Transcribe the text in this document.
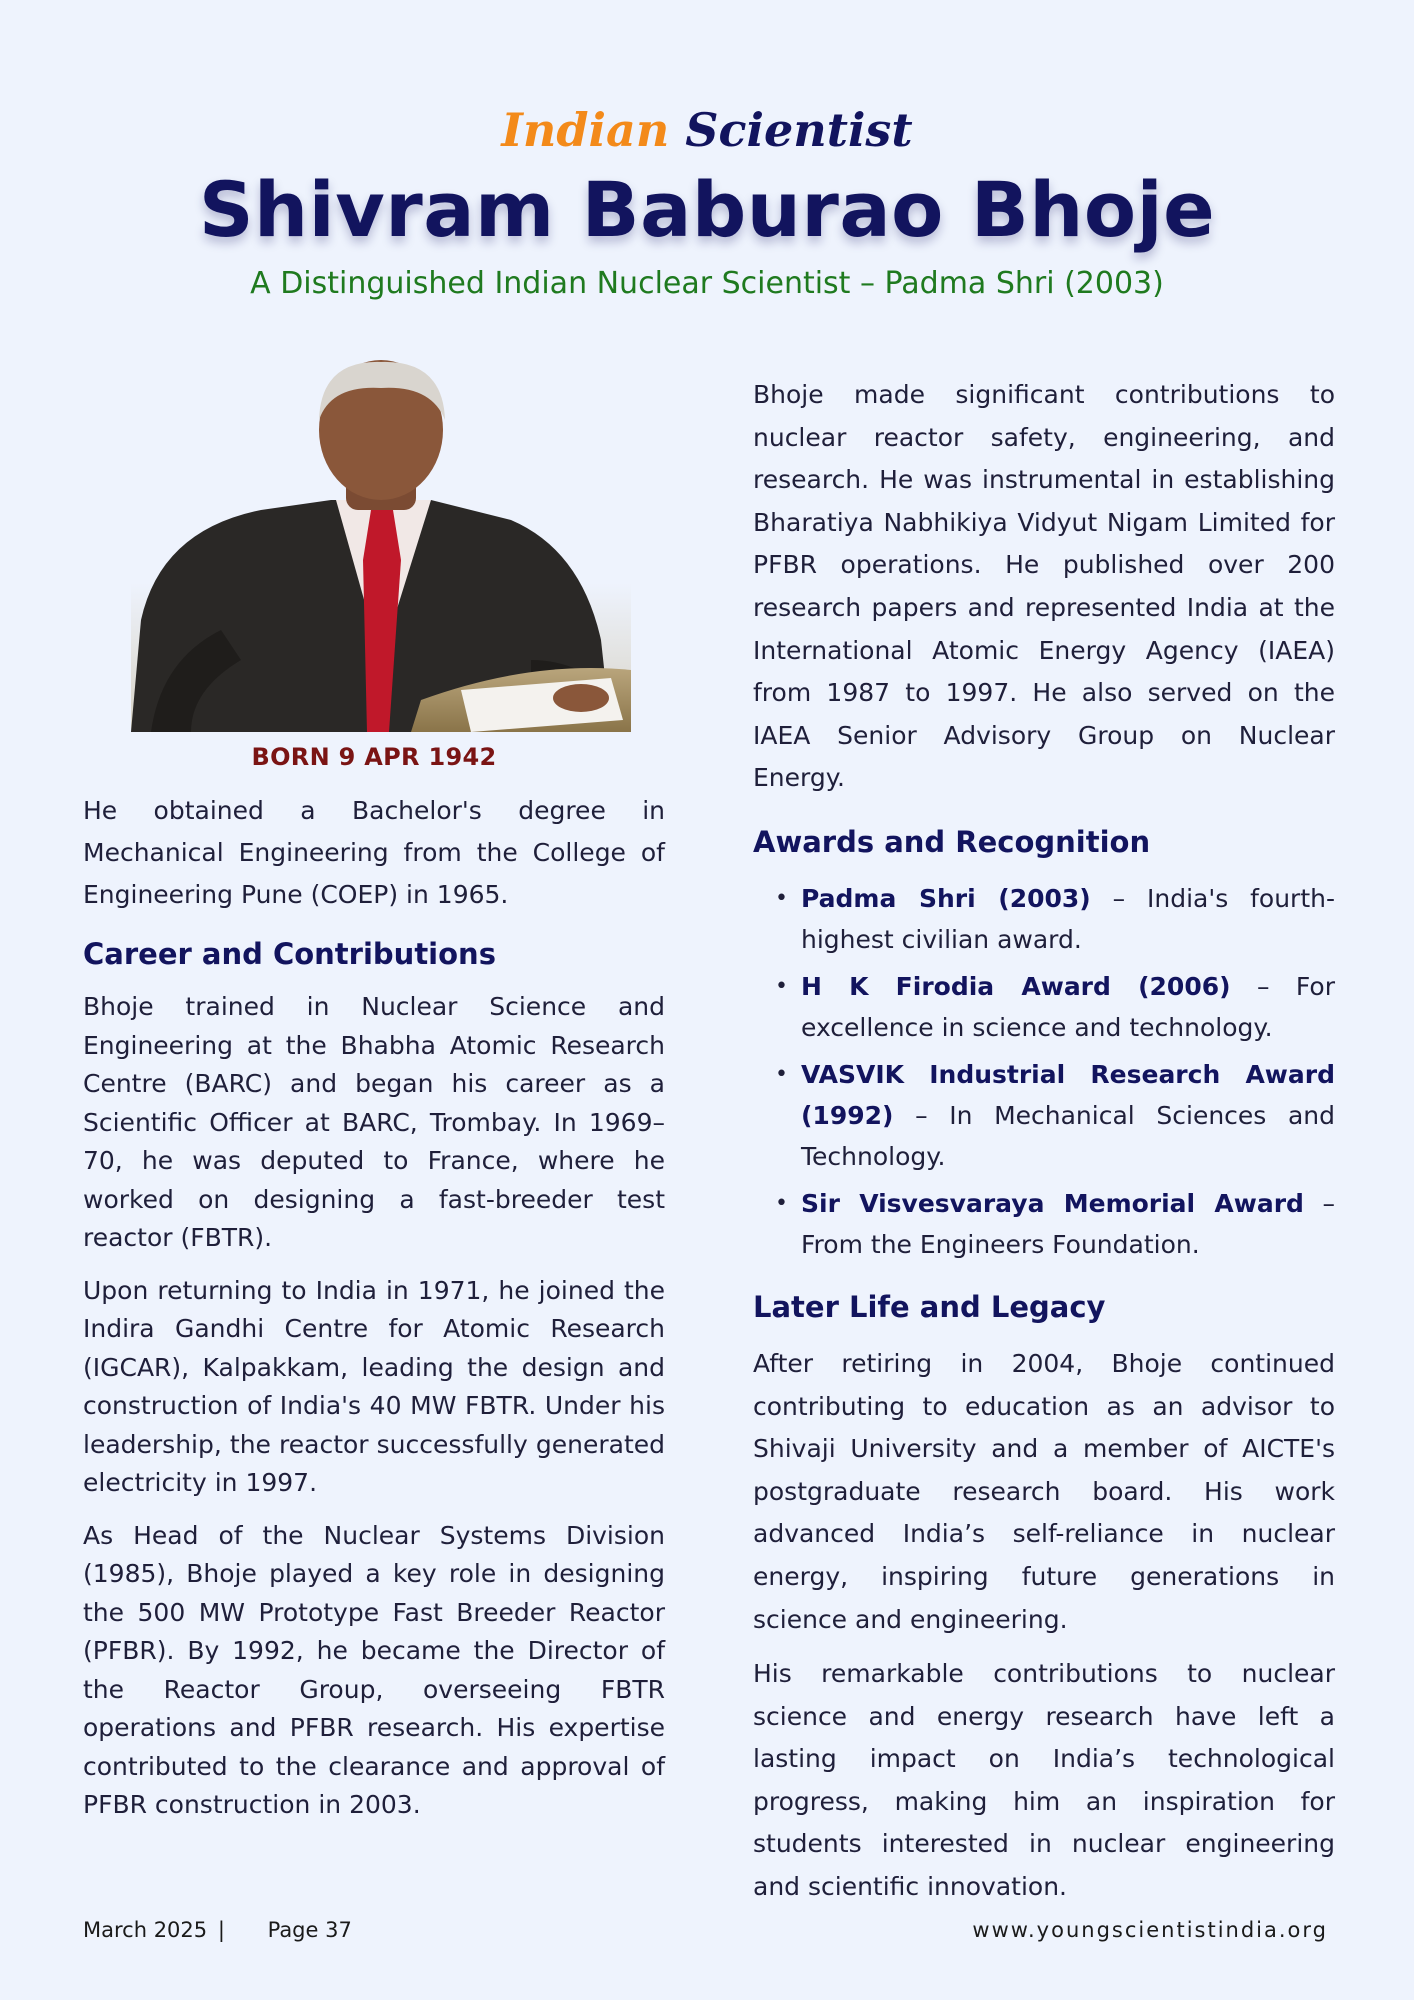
Indian Scientist
Shivram Baburao Bhoje
A Distinguished Indian Nuclear Scientist – Padma Shri (2003)
BORN 9 APR 1942

He obtained a Bachelor's degree in Mechanical Engineering from the College of Engineering Pune (COEP) in 1965.

Career and Contributions

Bhoje trained in Nuclear Science and Engineering at the Bhabha Atomic Research Centre (BARC) and began his career as a Scientific Officer at BARC, Trombay. In 1969–70, he was deputed to France, where he worked on designing a fast-breeder test reactor (FBTR).

Upon returning to India in 1971, he joined the Indira Gandhi Centre for Atomic Research (IGCAR), Kalpakkam, leading the design and construction of India's 40 MW FBTR. Under his leadership, the reactor successfully generated electricity in 1997.

As Head of the Nuclear Systems Division (1985), Bhoje played a key role in designing the 500 MW Prototype Fast Breeder Reactor (PFBR). By 1992, he became the Director of the Reactor Group, overseeing FBTR operations and PFBR research. His expertise contributed to the clearance and approval of PFBR construction in 2003.

Bhoje made significant contributions to nuclear reactor safety, engineering, and research. He was instrumental in establishing Bharatiya Nabhikiya Vidyut Nigam Limited for PFBR operations. He published over 200 research papers and represented India at the International Atomic Energy Agency (IAEA) from 1987 to 1997. He also served on the IAEA Senior Advisory Group on Nuclear Energy.

Awards and Recognition
• Padma Shri (2003) – India's fourth-highest civilian award.
• H K Firodia Award (2006) – For excellence in science and technology.
• VASVIK Industrial Research Award (1992) – In Mechanical Sciences and Technology.
• Sir Visvesvaraya Memorial Award – From the Engineers Foundation.
Later Life and Legacy

After retiring in 2004, Bhoje continued contributing to education as an advisor to Shivaji University and a member of AICTE's postgraduate research board. His work advanced India’s self-reliance in nuclear energy, inspiring future generations in science and engineering.

His remarkable contributions to nuclear science and energy research have left a lasting impact on India’s technological progress, making him an inspiration for students interested in nuclear engineering and scientific innovation.

March 2025 | Page 37	www.youngscientistindia.org
